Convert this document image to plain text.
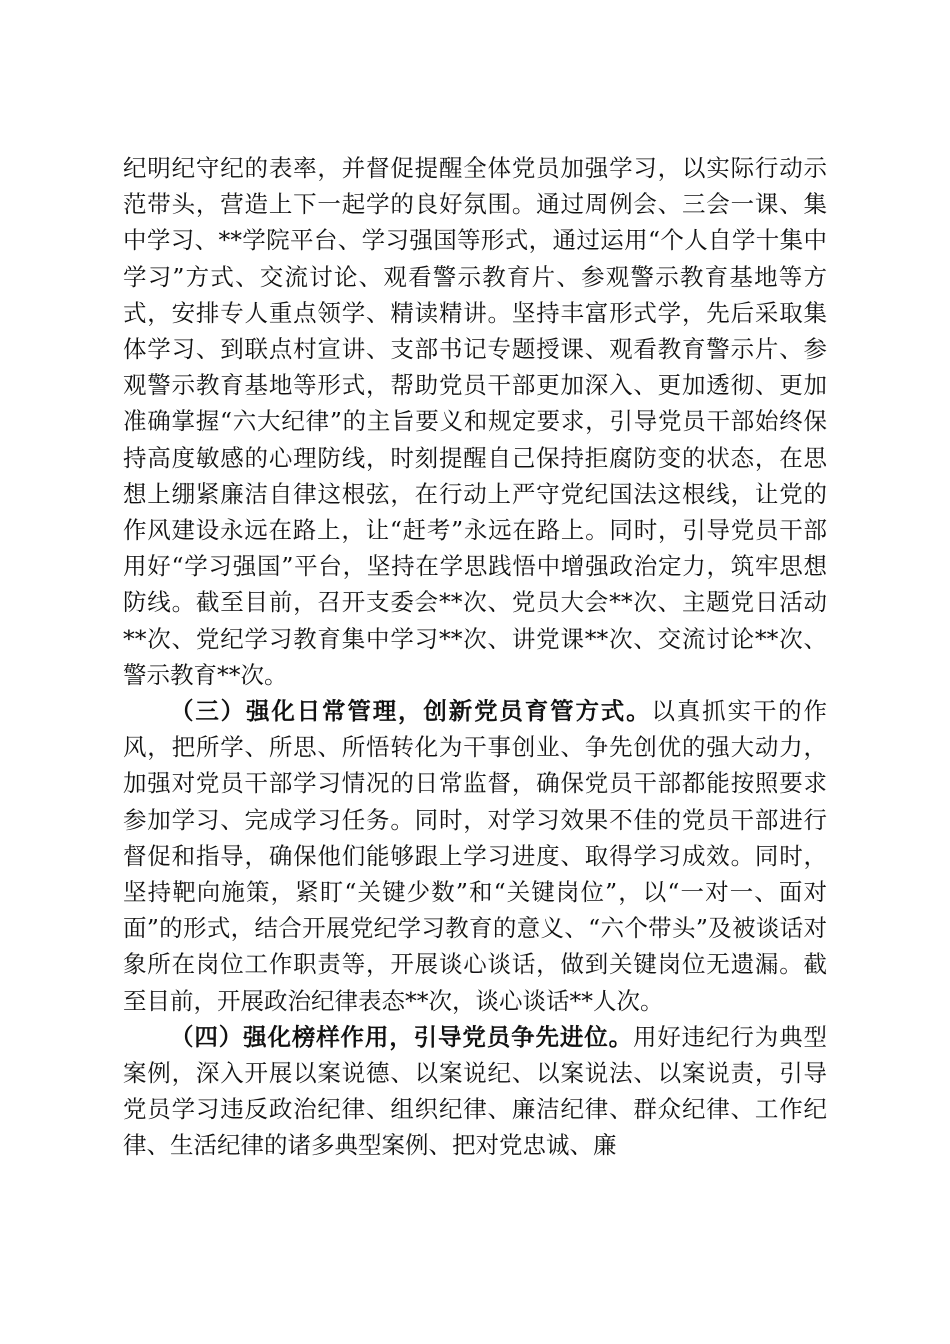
纪明纪守纪的表率，并督促提醒全体党员加强学习，以实际行动示范带头，营造上下一起学的良好氛围。通过周例会、三会一课、集中学习、**学院平台、学习强国等形式，通过运用“个人自学十集中学习”方式、交流讨论、观看警示教育片、参观警示教育基地等方式，安排专人重点领学、精读精讲。坚持丰富形式学，先后采取集体学习、到联点村宣讲、支部书记专题授课、观看教育警示片、参观警示教育基地等形式，帮助党员干部更加深入、更加透彻、更加准确掌握“六大纪律”的主旨要义和规定要求，引导党员干部始终保持高度敏感的心理防线，时刻提醒自己保持拒腐防变的状态，在思想上绷紧廉洁自律这根弦，在行动上严守党纪国法这根线，让党的作风建设永远在路上，让“赶考”永远在路上。同时，引导党员干部用好“学习强国”平台，坚持在学思践悟中增强政治定力，筑牢思想防线。截至目前，召开支委会**次、党员大会**次、主题党日活动**次、党纪学习教育集中学习**次、讲党课**次、交流讨论**次、警示教育**次。

（三）强化日常管理，创新党员育管方式。以真抓实干的作风，把所学、所思、所悟转化为干事创业、争先创优的强大动力，加强对党员干部学习情况的日常监督，确保党员干部都能按照要求参加学习、完成学习任务。同时，对学习效果不佳的党员干部进行督促和指导，确保他们能够跟上学习进度、取得学习成效。同时，坚持靶向施策，紧盯“关键少数”和“关键岗位”，以“一对一、面对面”的形式，结合开展党纪学习教育的意义、“六个带头”及被谈话对象所在岗位工作职责等，开展谈心谈话，做到关键岗位无遗漏。截至目前，开展政治纪律表态**次，谈心谈话**人次。

（四）强化榜样作用，引导党员争先进位。用好违纪行为典型案例，深入开展以案说德、以案说纪、以案说法、以案说责，引导党员学习违反政治纪律、组织纪律、廉洁纪律、群众纪律、工作纪律、生活纪律的诸多典型案例、把对党忠诚、廉
